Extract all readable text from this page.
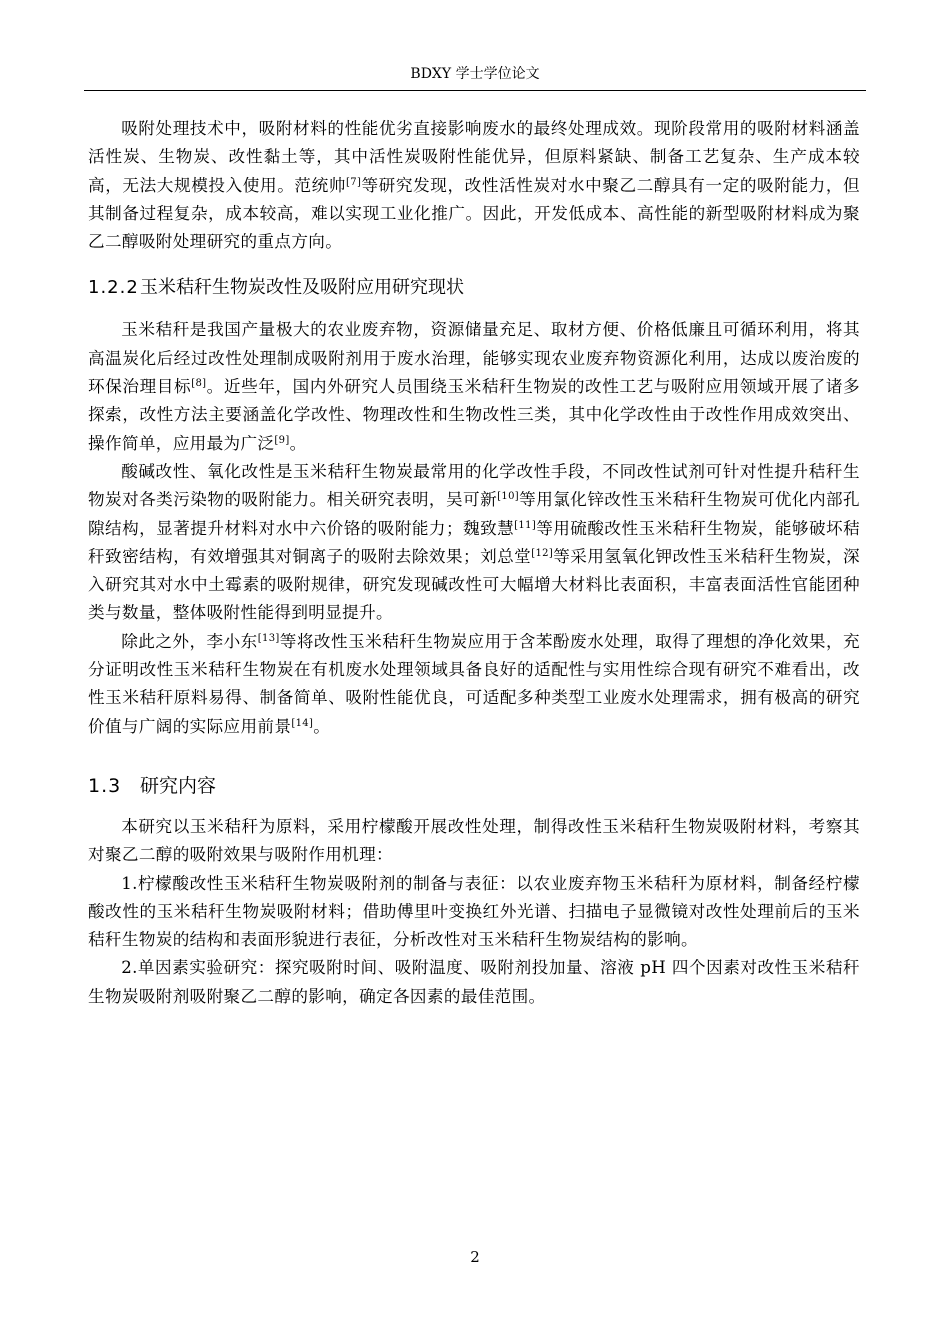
BDXY 学士学位论文

吸附处理技术中，吸附材料的性能优劣直接影响废水的最终处理成效。现阶段常用的吸附材料涵盖活性炭、生物炭、改性黏土等，其中活性炭吸附性能优异，但原料紧缺、制备工艺复杂、生产成本较高，无法大规模投入使用。范统帅[7]等研究发现，改性活性炭对水中聚乙二醇具有一定的吸附能力，但其制备过程复杂，成本较高，难以实现工业化推广。因此，开发低成本、高性能的新型吸附材料成为聚乙二醇吸附处理研究的重点方向。

1.2.2玉米秸秆生物炭改性及吸附应用研究现状

玉米秸秆是我国产量极大的农业废弃物，资源储量充足、取材方便、价格低廉且可循环利用，将其高温炭化后经过改性处理制成吸附剂用于废水治理，能够实现农业废弃物资源化利用，达成以废治废的环保治理目标[8]。近些年，国内外研究人员围绕玉米秸秆生物炭的改性工艺与吸附应用领域开展了诸多探索，改性方法主要涵盖化学改性、物理改性和生物改性三类，其中化学改性由于改性作用成效突出、操作简单，应用最为广泛[9]。

酸碱改性、氧化改性是玉米秸秆生物炭最常用的化学改性手段，不同改性试剂可针对性提升秸秆生物炭对各类污染物的吸附能力。相关研究表明，吴可新[10]等用氯化锌改性玉米秸秆生物炭可优化内部孔隙结构，显著提升材料对水中六价铬的吸附能力；魏致慧[11]等用硫酸改性玉米秸秆生物炭，能够破坏秸秆致密结构，有效增强其对铜离子的吸附去除效果；刘总堂[12]等采用氢氧化钾改性玉米秸秆生物炭，深入研究其对水中土霉素的吸附规律，研究发现碱改性可大幅增大材料比表面积，丰富表面活性官能团种类与数量，整体吸附性能得到明显提升。

除此之外，李小东[13]等将改性玉米秸秆生物炭应用于含苯酚废水处理，取得了理想的净化效果，充分证明改性玉米秸秆生物炭在有机废水处理领域具备良好的适配性与实用性综合现有研究不难看出，改性玉米秸秆原料易得、制备简单、吸附性能优良，可适配多种类型工业废水处理需求，拥有极高的研究价值与广阔的实际应用前景[14]。

1.3 研究内容

本研究以玉米秸秆为原料，采用柠檬酸开展改性处理，制得改性玉米秸秆生物炭吸附材料，考察其对聚乙二醇的吸附效果与吸附作用机理：

1.柠檬酸改性玉米秸秆生物炭吸附剂的制备与表征：以农业废弃物玉米秸秆为原材料，制备经柠檬酸改性的玉米秸秆生物炭吸附材料；借助傅里叶变换红外光谱、扫描电子显微镜对改性处理前后的玉米秸秆生物炭的结构和表面形貌进行表征，分析改性对玉米秸秆生物炭结构的影响。

2.单因素实验研究：探究吸附时间、吸附温度、吸附剂投加量、溶液 pH 四个因素对改性玉米秸秆生物炭吸附剂吸附聚乙二醇的影响，确定各因素的最佳范围。

2
